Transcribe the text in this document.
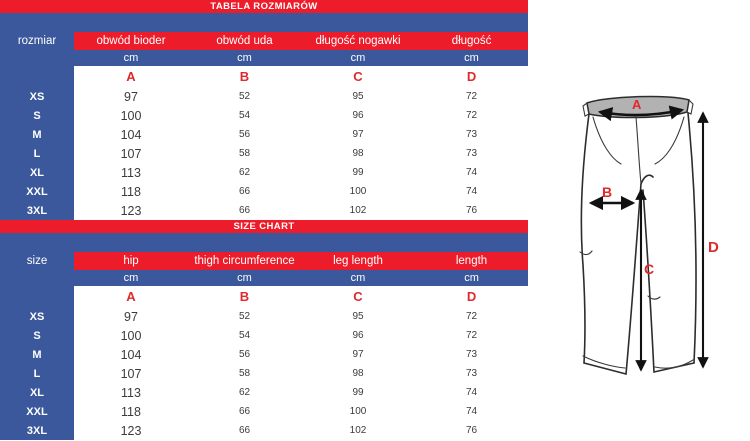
TABELA ROZMIARÓW				

rozmiar	obwód bioder	obwód uda	długość nogawki	długość
	cm	cm	cm	cm
	A	B	C	D
XS	97	52	95	72
S	100	54	96	72
M	104	56	97	73
L	107	58	98	73
XL	113	62	99	74
XXL	118	66	100	74
3XL	123	66	102	76
SIZE CHART				

size	hip	thigh circumference	leg length	length
	cm	cm	cm	cm
	A	B	C	D
XS	97	52	95	72
S	100	54	96	72
M	104	56	97	73
L	107	58	98	73
XL	113	62	99	74
XXL	118	66	100	74
3XL	123	66	102	76
A
B
C
D
